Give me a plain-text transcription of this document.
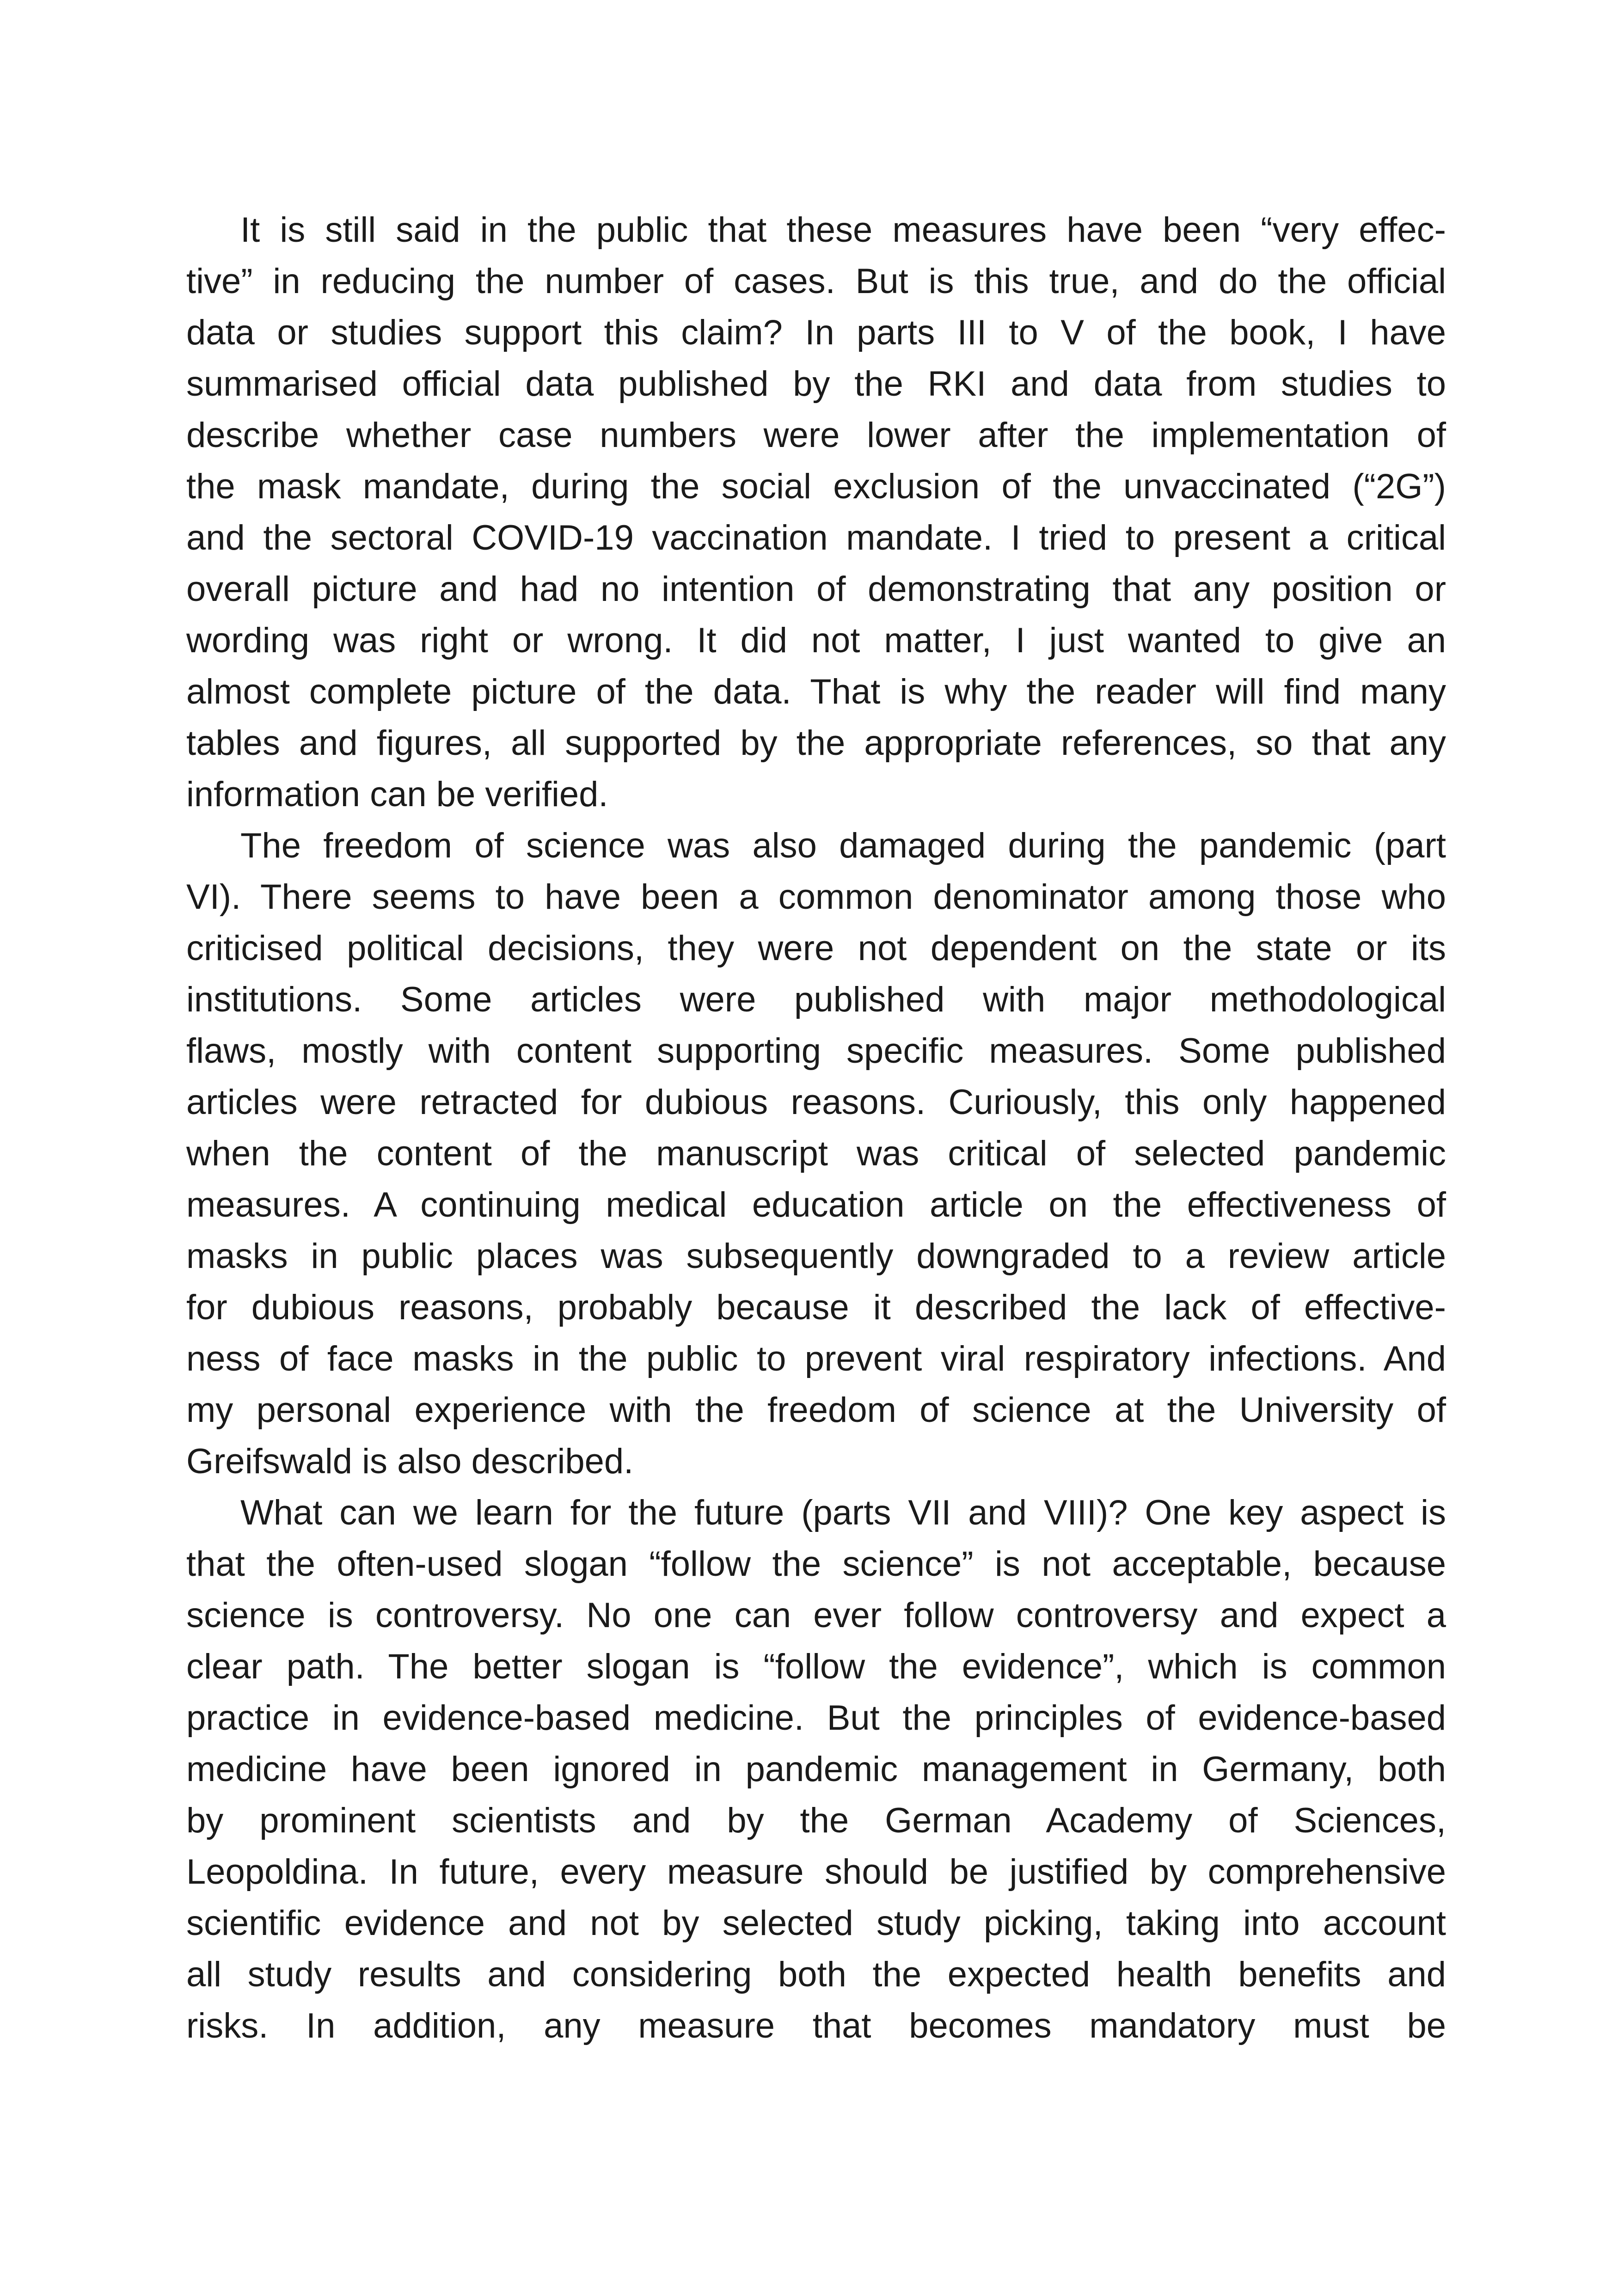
It is still said in the public that these measures have been “very effec-
tive” in reducing the number of cases. But is this true, and do the official
data or studies support this claim? In parts III to V of the book, I have
summarised official data published by the RKI and data from studies to
describe whether case numbers were lower after the implementation of
the mask mandate, during the social exclusion of the unvaccinated (“2G”)
and the sectoral COVID-19 vaccination mandate. I tried to present a critical
overall picture and had no intention of demonstrating that any position or
wording was right or wrong. It did not matter, I just wanted to give an
almost complete picture of the data. That is why the reader will find many
tables and figures, all supported by the appropriate references, so that any
information can be verified.
The freedom of science was also damaged during the pandemic (part
VI). There seems to have been a common denominator among those who
criticised political decisions, they were not dependent on the state or its
institutions. Some articles were published with major methodological
flaws, mostly with content supporting specific measures. Some published
articles were retracted for dubious reasons. Curiously, this only happened
when the content of the manuscript was critical of selected pandemic
measures. A continuing medical education article on the effectiveness of
masks in public places was subsequently downgraded to a review article
for dubious reasons, probably because it described the lack of effective-
ness of face masks in the public to prevent viral respiratory infections. And
my personal experience with the freedom of science at the University of
Greifswald is also described.
What can we learn for the future (parts VII and VIII)? One key aspect is
that the often-used slogan “follow the science” is not acceptable, because
science is controversy. No one can ever follow controversy and expect a
clear path. The better slogan is “follow the evidence”, which is common
practice in evidence-based medicine. But the principles of evidence-based
medicine have been ignored in pandemic management in Germany, both
by prominent scientists and by the German Academy of Sciences,
Leopoldina. In future, every measure should be justified by comprehensive
scientific evidence and not by selected study picking, taking into account
all study results and considering both the expected health benefits and
risks. In addition, any measure that becomes mandatory must be
